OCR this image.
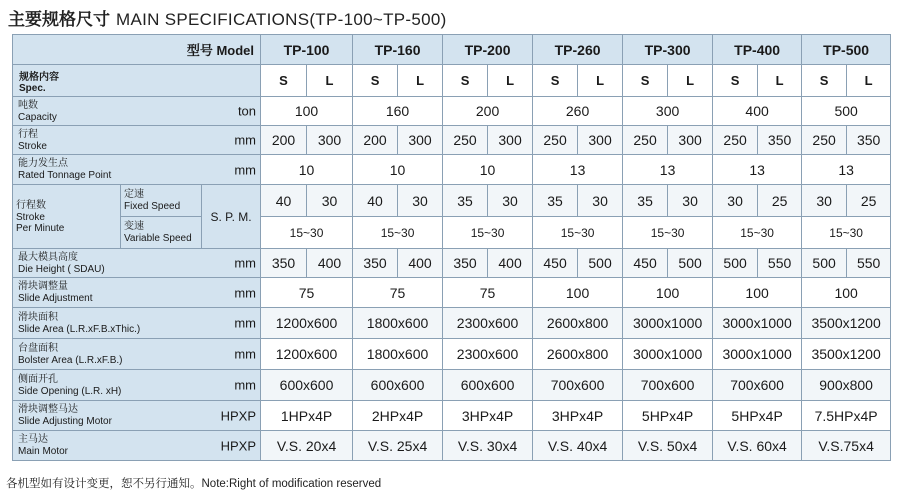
主要规格尺寸 MAIN SPECIFICATIONS(TP-100~TP-500)
型号 Model			TP-100		TP-160		TP-200		TP-260		TP-300		TP-400		TP-500	

规格内容
Spec.			S	L	S	L	S	L	S	L	S	L	S	L	S	L

吨数
Capacity ton			100		160		200		260		300		400		500	

行程
Stroke mm			200	300	200	300	250	300	250	300	250	300	250	350	250	350

能力发生点
Rated Tonnage Point mm			10		10		10		13		13		13		13	

行程数
Stroke
Per Minute	定速
Fixed Speed	S. P. M.	40	30	40	30	35	30	35	30	35	30	30	25	30	25

	变速
Variable Speed		15~30		15~30		15~30		15~30		15~30		15~30		15~30	

最大模具高度
Die Height ( SDAU) mm			350	400	350	400	350	400	450	500	450	500	500	550	500	550

滑块调整量
Slide Adjustment mm			75		75		75		100		100		100		100	

滑块面积
Slide Area (L.R.xF.B.xThic.) mm			1200x600		1800x600		2300x600		2600x800		3000x1000		3000x1000		3500x1200	

台盘面积
Bolster Area (L.R.xF.B.) mm			1200x600		1800x600		2300x600		2600x800		3000x1000		3000x1000		3500x1200	

侧面开孔
Side Opening (L.R. xH) mm			600x600		600x600		600x600		700x600		700x600		700x600		900x800	

滑块调整马达
Slide Adjusting Motor HPXP			1HPx4P		2HPx4P		3HPx4P		3HPx4P		5HPx4P		5HPx4P		7.5HPx4P	

主马达
Main Motor HPXP			V.S. 20x4		V.S. 25x4		V.S. 30x4		V.S. 40x4		V.S. 50x4		V.S. 60x4		V.S.75x4	
各机型如有设计变更，恕不另行通知。Note:Right of modification reserved
